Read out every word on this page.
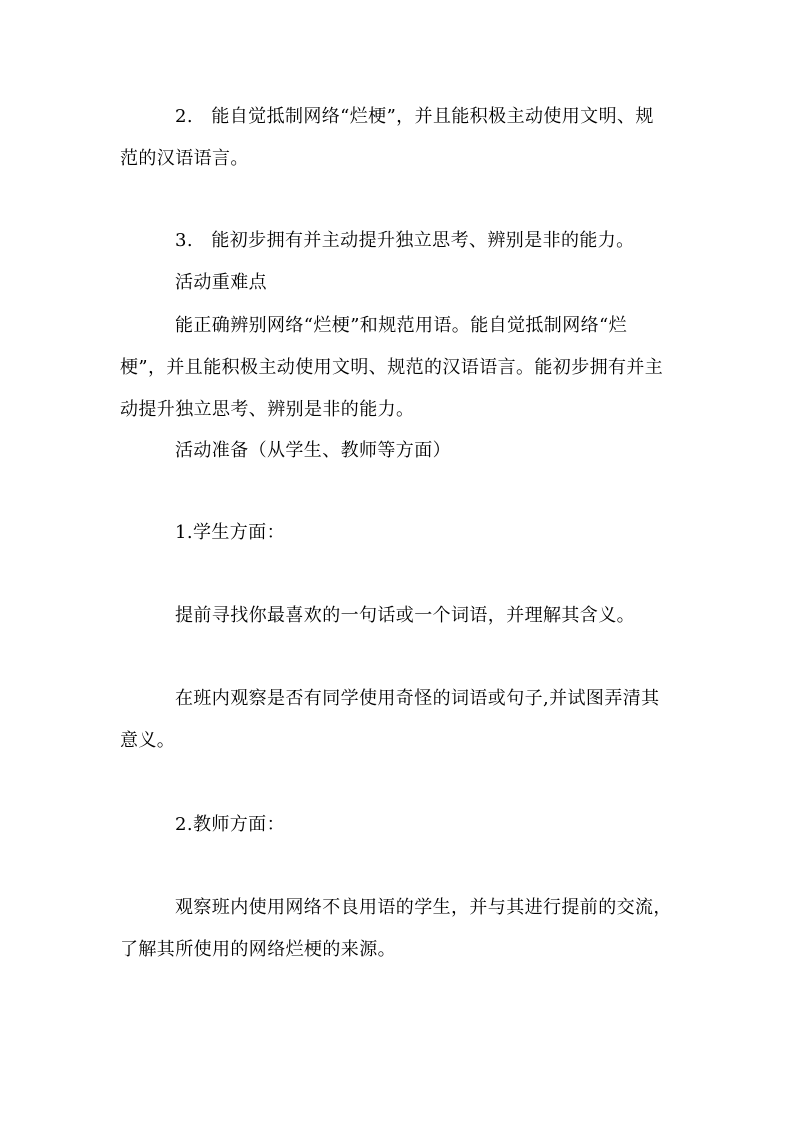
2.　能自觉抵制网络“烂梗”，并且能积极主动使用文明、规
范的汉语语言。
3.　能初步拥有并主动提升独立思考、辨别是非的能力。
活动重难点
能正确辨别网络“烂梗”和规范用语。能自觉抵制网络“烂
梗”，并且能积极主动使用文明、规范的汉语语言。能初步拥有并主
动提升独立思考、辨别是非的能力。
活动准备（从学生、教师等方面）
1.学生方面：
提前寻找你最喜欢的一句话或一个词语，并理解其含义。
在班内观察是否有同学使用奇怪的词语或句子,并试图弄清其
意义。
2.教师方面：
观察班内使用网络不良用语的学生，并与其进行提前的交流，
了解其所使用的网络烂梗的来源。
